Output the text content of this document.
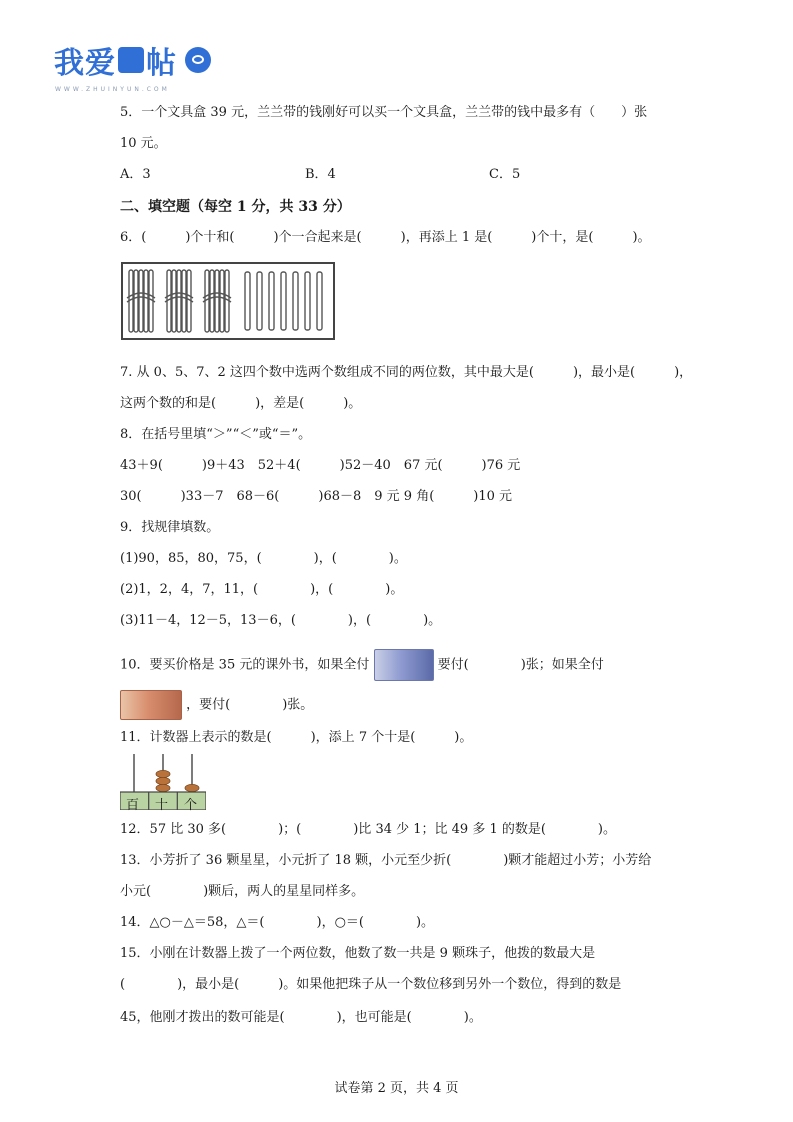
我爱 帖
WWW.ZHUINYUN.COM
5．一个文具盒 39 元，兰兰带的钱刚好可以买一个文具盒，兰兰带的钱中最多有（　　）张
10 元。
A．3	B．4	C．5
二、填空题（每空 1 分，共 33 分）
6．(　　　)个十和(　　　)个一合起来是(　　　)，再添上 1 是(　　　)个十，是(　　　)。
7. 从 0、5、7、2 这四个数中选两个数组成不同的两位数，其中最大是(　　　)，最小是(　　　)，
这两个数的和是(　　　)，差是(　　　)。
8．在括号里填“＞”“＜”或“＝”。
43＋9(　　　)9＋43　52＋4(　　　)52－40　67 元(　　　)76 元
30(　　　)33－7　68－6(　　　)68－8　9 元 9 角(　　　)10 元
9．找规律填数。
(1)90，85，80，75，(　　　　)，(　　　　)。
(2)1，2，4，7，11，(　　　　)，(　　　　)。
(3)11－4，12－5，13－6，(　　　　)，(　　　　)。
10．要买价格是 35 元的课外书，如果全付	要付(　　　　)张；如果全付
，要付(　　　　)张。
11．计数器上表示的数是(　　　)，添上 7 个十是(　　　)。
百 十 个
12．57 比 30 多(　　　　)；(　　　　)比 34 少 1；比 49 多 1 的数是(　　　　)。
13．小芳折了 36 颗星星，小元折了 18 颗，小元至少折(　　　　)颗才能超过小芳；小芳给
小元(　　　　)颗后，两人的星星同样多。
14．△○－△＝58，△＝(　　　　)，○＝(　　　　)。
15．小刚在计数器上拨了一个两位数，他数了数一共是 9 颗珠子，他拨的数最大是
(　　　　)，最小是(　　　)。如果他把珠子从一个数位移到另外一个数位，得到的数是
45，他刚才拨出的数可能是(　　　　)，也可能是(　　　　)。
试卷第 2 页，共 4 页
